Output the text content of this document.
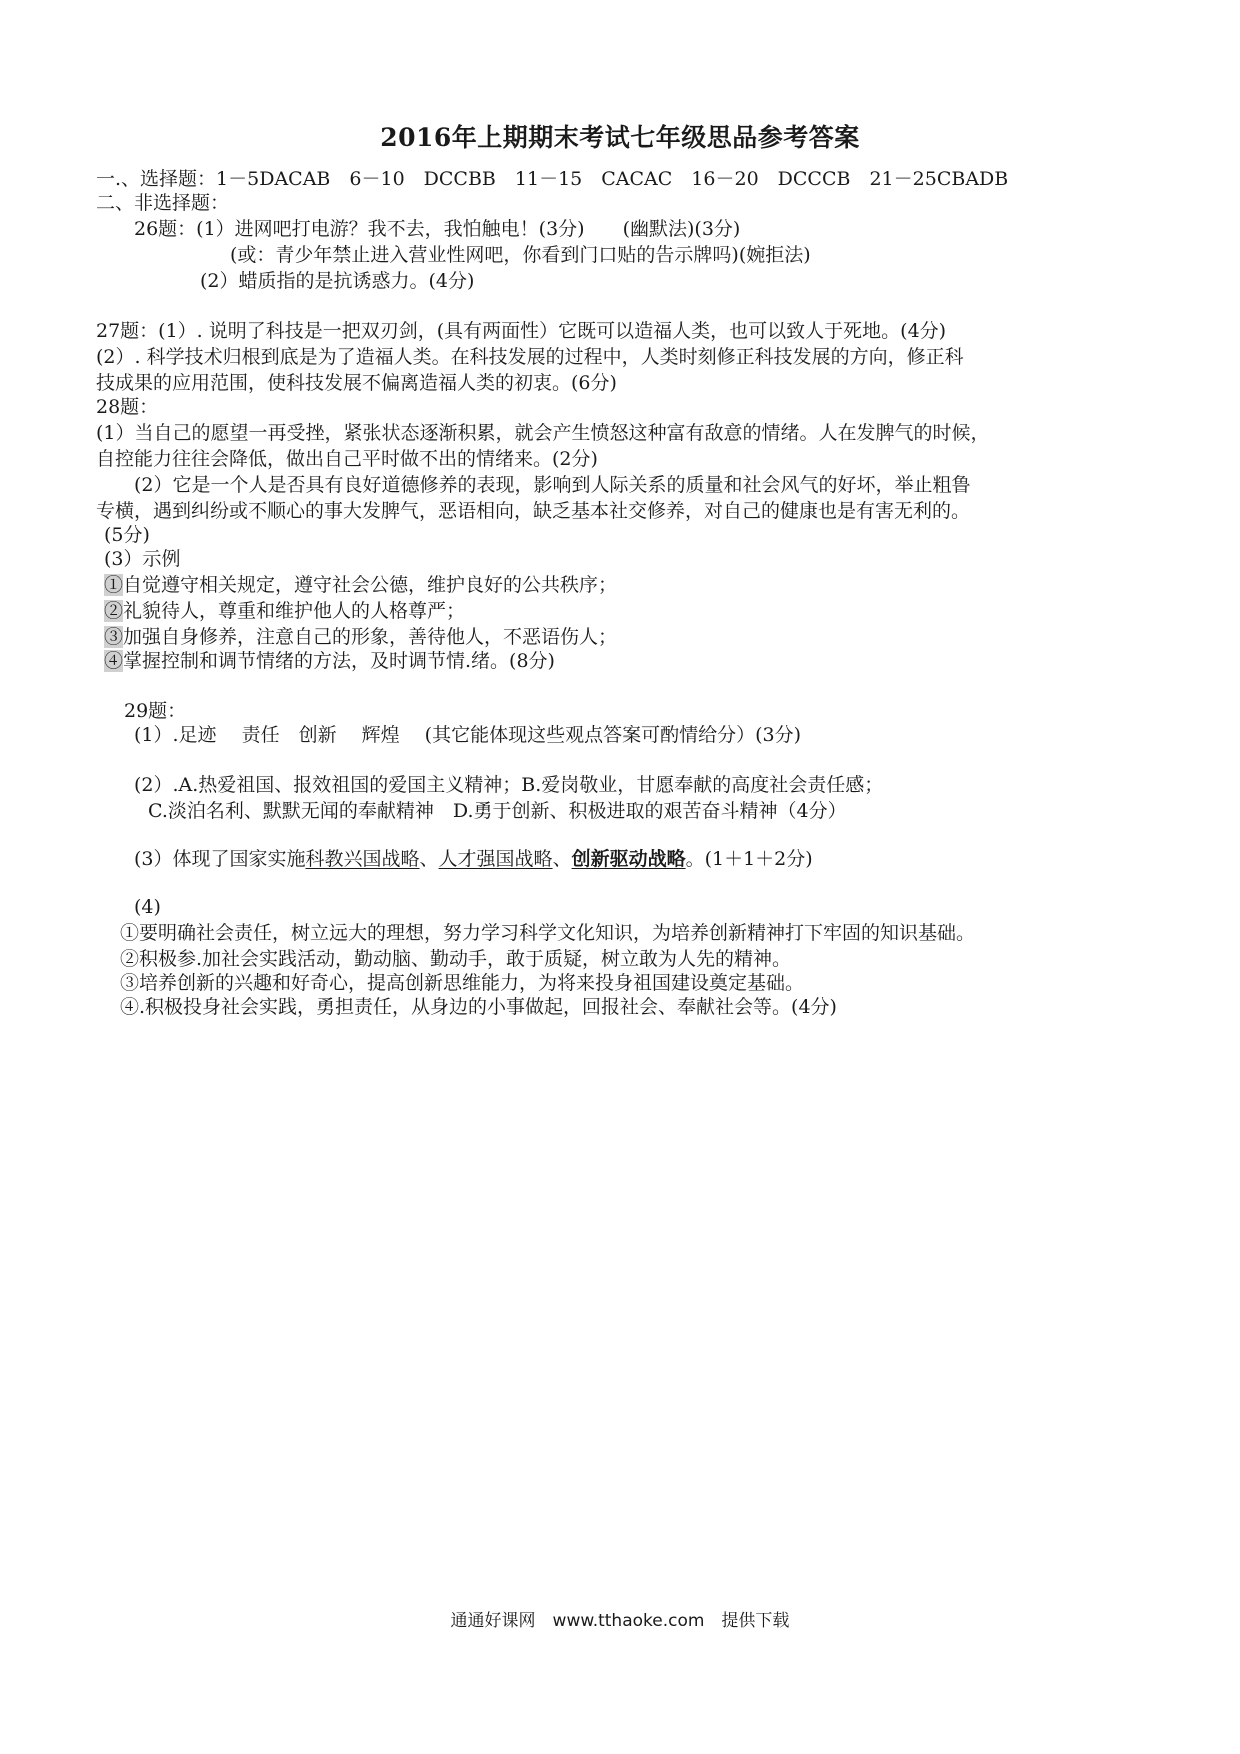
2016年上期期末考试七年级思品参考答案
一.、选择题：1－5DACAB　6－10　DCCBB　11－15　CACAC　16－20　DCCCB　21－25CBADB
二、非选择题：
26题：(1）进网吧打电游？我不去，我怕触电！(3分)　　(幽默法)(3分)
(或：青少年禁止进入营业性网吧，你看到门口贴的告示牌吗)(婉拒法)
(2）蜡质指的是抗诱惑力。(4分)
27题：(1）. 说明了科技是一把双刃剑，(具有两面性）它既可以造福人类，也可以致人于死地。(4分)
(2）. 科学技术归根到底是为了造福人类。在科技发展的过程中，人类时刻修正科技发展的方向，修正科
技成果的应用范围，使科技发展不偏离造福人类的初衷。(6分)
28题：
(1）当自己的愿望一再受挫，紧张状态逐渐积累，就会产生愤怒这种富有敌意的情绪。人在发脾气的时候，
自控能力往往会降低，做出自己平时做不出的情绪来。(2分)
(2）它是一个人是否具有良好道德修养的表现，影响到人际关系的质量和社会风气的好坏，举止粗鲁
专横，遇到纠纷或不顺心的事大发脾气，恶语相向，缺乏基本社交修养，对自己的健康也是有害无利的。
(5分)
(3）示例
①自觉遵守相关规定，遵守社会公德，维护良好的公共秩序；
②礼貌待人，尊重和维护他人的人格尊严；
③加强自身修养，注意自己的形象，善待他人，不恶语伤人；
④掌握控制和调节情绪的方法，及时调节情.绪。(8分)
29题：
(1）.足迹　 责任　创新　 辉煌　 (其它能体现这些观点答案可酌情给分）(3分)
(2）.A.热爱祖国、报效祖国的爱国主义精神；B.爱岗敬业，甘愿奉献的高度社会责任感；
C.淡泊名利、默默无闻的奉献精神　D.勇于创新、积极进取的艰苦奋斗精神（4分）
(3）体现了国家实施科教兴国战略、人才强国战略、创新驱动战略。(1＋1＋2分)
(4)
①要明确社会责任，树立远大的理想，努力学习科学文化知识，为培养创新精神打下牢固的知识基础。
②积极参.加社会实践活动，勤动脑、勤动手，敢于质疑，树立敢为人先的精神。
③培养创新的兴趣和好奇心，提高创新思维能力，为将来投身祖国建设奠定基础。
④.积极投身社会实践，勇担责任，从身边的小事做起，回报社会、奉献社会等。(4分)
通通好课网　www.tthaoke.com　提供下载
